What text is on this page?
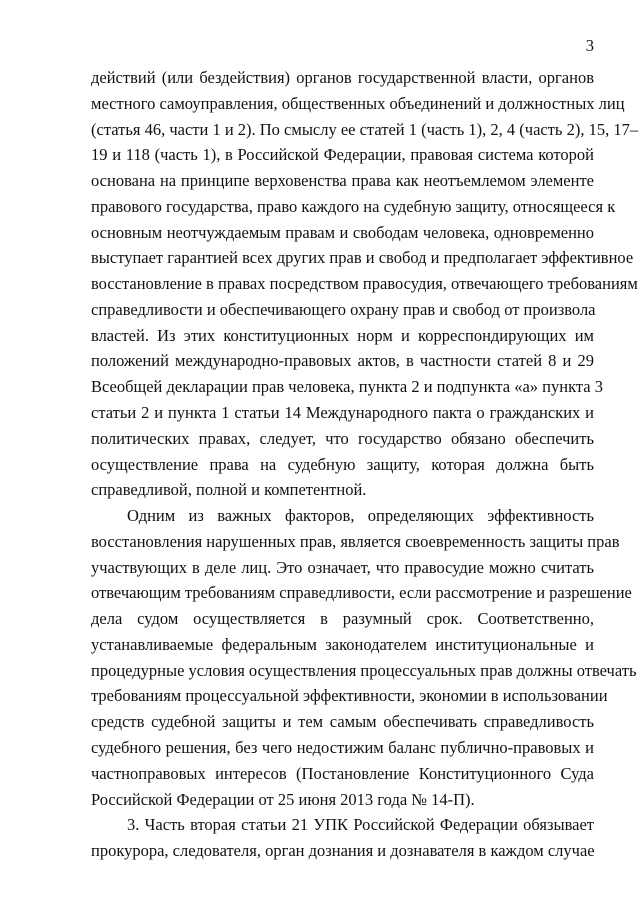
3
действий (или бездействия) органов государственной власти, органов
местного самоуправления, общественных объединений и должностных лиц
(статья 46, части 1 и 2). По смыслу ее статей 1 (часть 1), 2, 4 (часть 2), 15, 17–
19 и 118 (часть 1), в Российской Федерации, правовая система которой
основана на принципе верховенства права как неотъемлемом элементе
правового государства, право каждого на судебную защиту, относящееся к
основным неотчуждаемым правам и свободам человека, одновременно
выступает гарантией всех других прав и свобод и предполагает эффективное
восстановление в правах посредством правосудия, отвечающего требованиям
справедливости и обеспечивающего охрану прав и свобод от произвола
властей. Из этих конституционных норм и корреспондирующих им
положений международно-правовых актов, в частности статей 8 и 29
Всеобщей декларации прав человека, пункта 2 и подпункта «а» пункта 3
статьи 2 и пункта 1 статьи 14 Международного пакта о гражданских и
политических правах, следует, что государство обязано обеспечить
осуществление права на судебную защиту, которая должна быть
справедливой, полной и компетентной.
Одним из важных факторов, определяющих эффективность
восстановления нарушенных прав, является своевременность защиты прав
участвующих в деле лиц. Это означает, что правосудие можно считать
отвечающим требованиям справедливости, если рассмотрение и разрешение
дела судом осуществляется в разумный срок. Соответственно,
устанавливаемые федеральным законодателем институциональные и
процедурные условия осуществления процессуальных прав должны отвечать
требованиям процессуальной эффективности, экономии в использовании
средств судебной защиты и тем самым обеспечивать справедливость
судебного решения, без чего недостижим баланс публично-правовых и
частноправовых интересов (Постановление Конституционного Суда
Российской Федерации от 25 июня 2013 года № 14-П).
3. Часть вторая статьи 21 УПК Российской Федерации обязывает
прокурора, следователя, орган дознания и дознавателя в каждом случае
